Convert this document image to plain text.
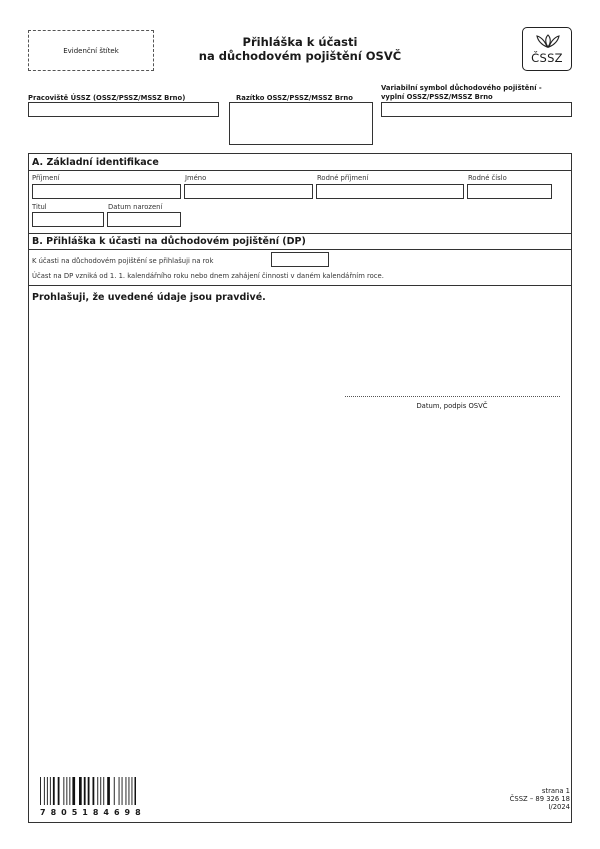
Evidenční štítek
Přihláška k účasti
na důchodovém pojištění OSVČ	ČSSZ
Pracoviště ÚSSZ (OSSZ/PSSZ/MSSZ Brno)	Razítko OSSZ/PSSZ/MSSZ Brno
Variabilní symbol důchodového pojištění -
vyplní OSSZ/PSSZ/MSSZ Brno
A. Základní identifikace
Příjmení	Jméno	Rodné příjmení	Rodné číslo
Titul	Datum narození
B. Přihláška k účasti na důchodovém pojištění (DP)
K účasti na důchodovém pojištění se přihlašuji na rok
Účast na DP vzniká od 1. 1. kalendářního roku nebo dnem zahájení činnosti v daném kalendářním roce.
Prohlašuji, že uvedené údaje jsou pravdivé.
Datum, podpis OSVČ
7805184698
strana 1
ČSSZ – 89 326 18
I/2024
